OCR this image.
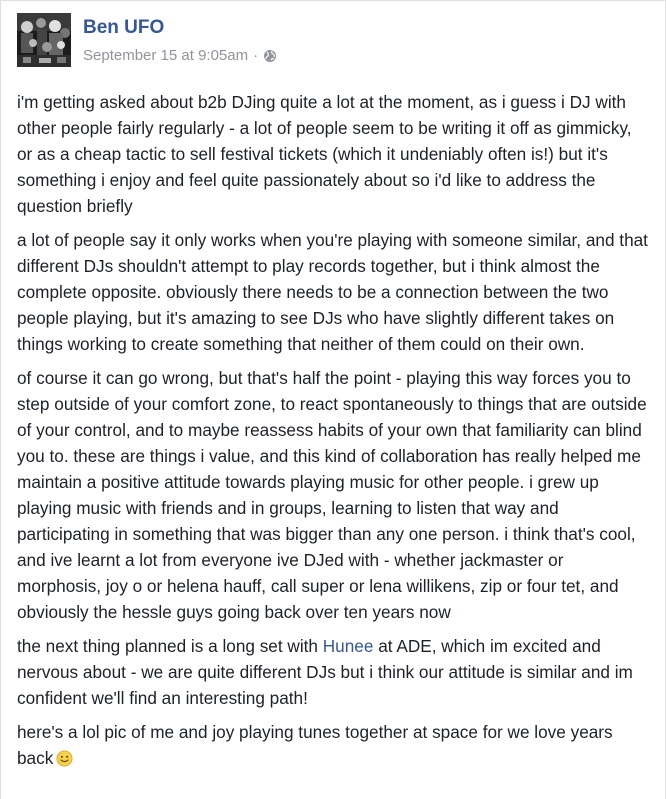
Ben UFO
September 15 at 9:05am ·

i'm getting asked about b2b DJing quite a lot at the moment, as i guess i DJ with other people fairly regularly - a lot of people seem to be writing it off as gimmicky, or as a cheap tactic to sell festival tickets (which it undeniably often is!) but it's something i enjoy and feel quite passionately about so i'd like to address the question briefly

a lot of people say it only works when you're playing with someone similar, and that different DJs shouldn't attempt to play records together, but i think almost the complete opposite. obviously there needs to be a connection between the two people playing, but it's amazing to see DJs who have slightly different takes on things working to create something that neither of them could on their own.

of course it can go wrong, but that's half the point - playing this way forces you to step outside of your comfort zone, to react spontaneously to things that are outside of your control, and to maybe reassess habits of your own that familiarity can blind you to. these are things i value, and this kind of collaboration has really helped me maintain a positive attitude towards playing music for other people. i grew up playing music with friends and in groups, learning to listen that way and participating in something that was bigger than any one person. i think that's cool, and ive learnt a lot from everyone ive DJed with - whether jackmaster or morphosis, joy o or helena hauff, call super or lena willikens, zip or four tet, and obviously the hessle guys going back over ten years now

the next thing planned is a long set with Hunee at ADE, which im excited and nervous about - we are quite different DJs but i think our attitude is similar and im confident we'll find an interesting path!

here's a lol pic of me and joy playing tunes together at space for we love years back
